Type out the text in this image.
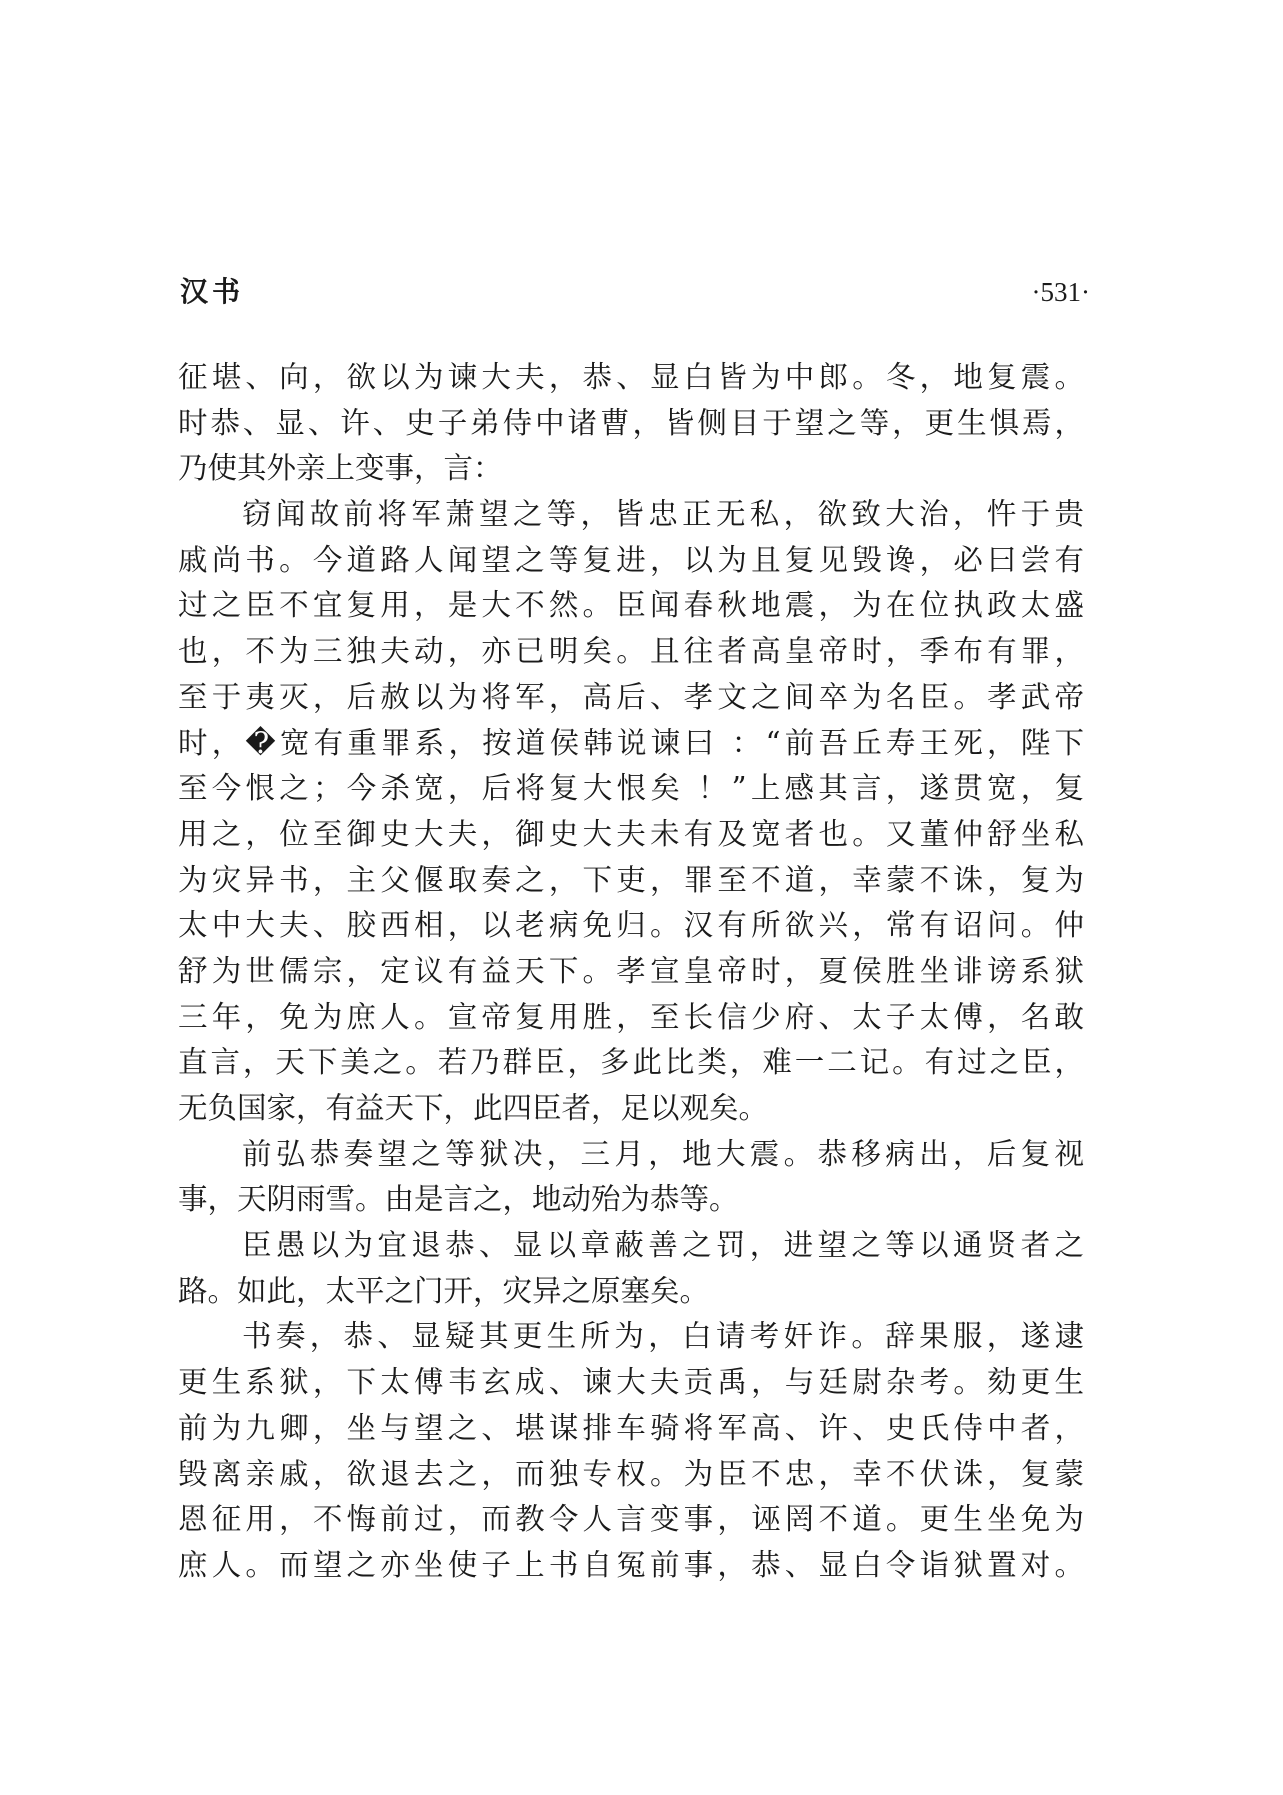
汉书	·531·
征堪、向，欲以为谏大夫，恭、显白皆为中郎。冬，地复震。
时恭、显、许、史子弟侍中诸曹，皆侧目于望之等，更生惧焉，
乃使其外亲上变事，言：
窃闻故前将军萧望之等，皆忠正无私，欲致大治，忤于贵
戚尚书。今道路人闻望之等复进，以为且复见毁谗，必曰尝有
过之臣不宜复用，是大不然。臣闻春秋地震，为在位执政太盛
也，不为三独夫动，亦已明矣。且往者高皇帝时，季布有罪，
至于夷灭，后赦以为将军，高后、孝文之间卒为名臣。孝武帝
时，�宽有重罪系，按道侯韩说谏曰 ：“前吾丘寿王死，陛下
至今恨之；今杀宽，后将复大恨矣 ！”上感其言，遂贯宽，复
用之，位至御史大夫，御史大夫未有及宽者也。又董仲舒坐私
为灾异书，主父偃取奏之，下吏，罪至不道，幸蒙不诛，复为
太中大夫、胶西相，以老病免归。汉有所欲兴，常有诏问。仲
舒为世儒宗，定议有益天下。孝宣皇帝时，夏侯胜坐诽谤系狱
三年，免为庶人。宣帝复用胜，至长信少府、太子太傅，名敢
直言，天下美之。若乃群臣，多此比类，难一二记。有过之臣，
无负国家，有益天下，此四臣者，足以观矣。
前弘恭奏望之等狱决，三月，地大震。恭移病出，后复视
事，天阴雨雪。由是言之，地动殆为恭等。
臣愚以为宜退恭、显以章蔽善之罚，进望之等以通贤者之
路。如此，太平之门开，灾异之原塞矣。
书奏，恭、显疑其更生所为，白请考奸诈。辞果服，遂逮
更生系狱，下太傅韦玄成、谏大夫贡禹，与廷尉杂考。劾更生
前为九卿，坐与望之、堪谋排车骑将军高、许、史氏侍中者，
毁离亲戚，欲退去之，而独专权。为臣不忠，幸不伏诛，复蒙
恩征用，不悔前过，而教令人言变事，诬罔不道。更生坐免为
庶人。而望之亦坐使子上书自冤前事，恭、显白令诣狱置对。
